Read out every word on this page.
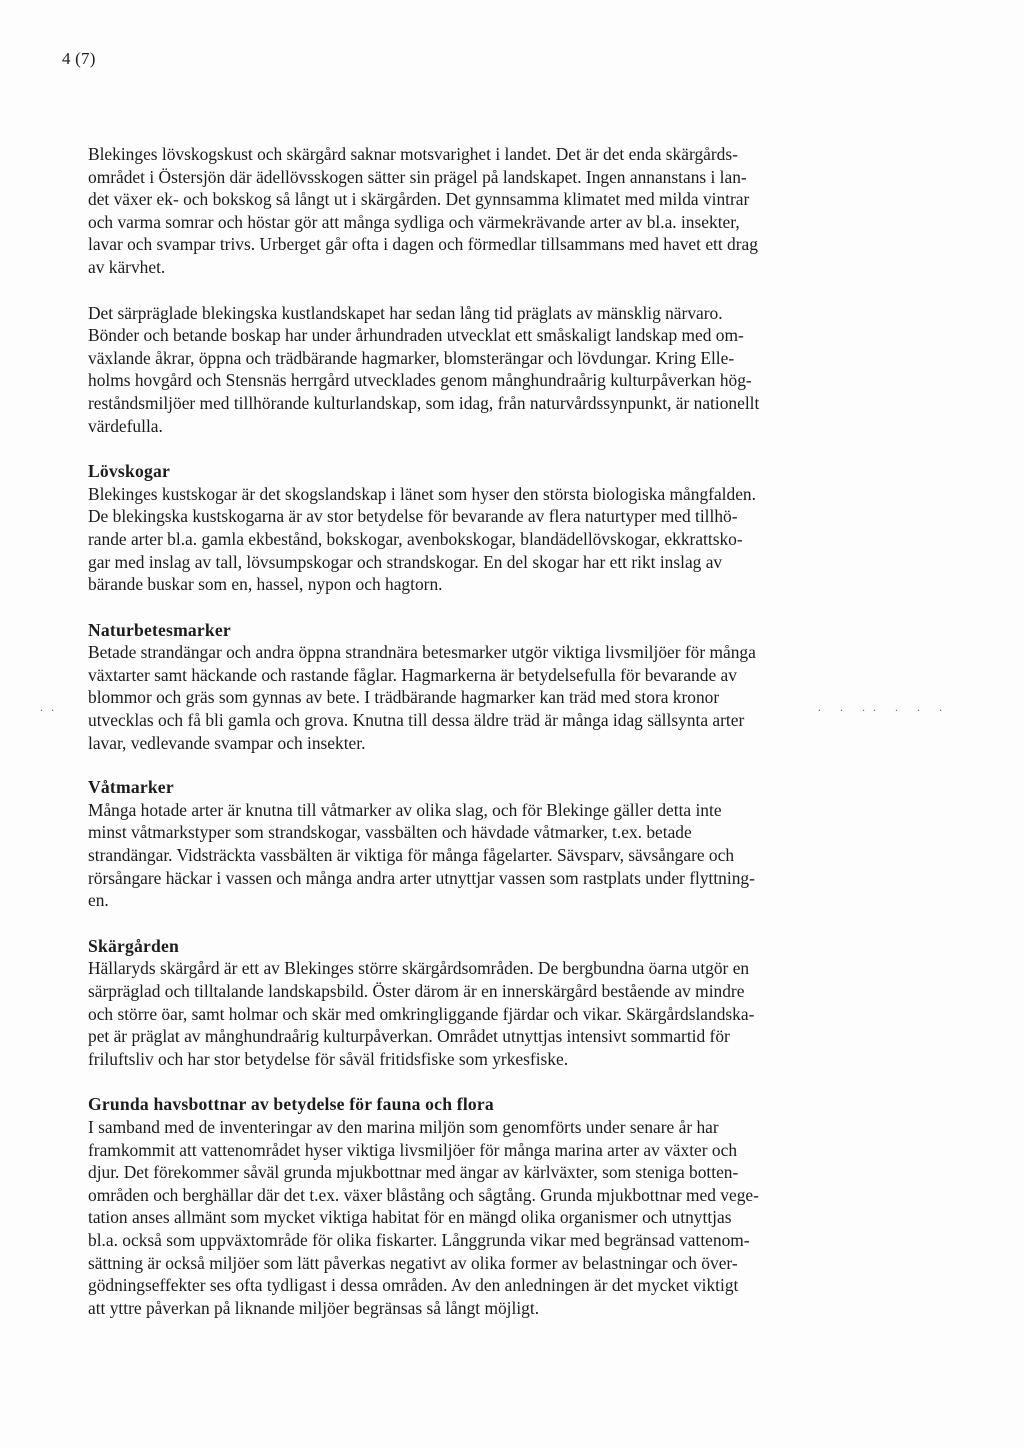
4 (7)
..	. . .. . . .

Blekinges lövskogskust och skärgård saknar motsvarighet i landet. Det är det enda skärgårds-
området i Östersjön där ädellövsskogen sätter sin prägel på landskapet. Ingen annanstans i lan-
det växer ek- och bokskog så långt ut i skärgården. Det gynnsamma klimatet med milda vintrar
och varma somrar och höstar gör att många sydliga och värmekrävande arter av bl.a. insekter,
lavar och svampar trivs. Urberget går ofta i dagen och förmedlar tillsammans med havet ett drag
av kärvhet.

Det särpräglade blekingska kustlandskapet har sedan lång tid präglats av mänsklig närvaro.
Bönder och betande boskap har under århundraden utvecklat ett småskaligt landskap med om-
växlande åkrar, öppna och trädbärande hagmarker, blomsterängar och lövdungar. Kring Elle-
holms hovgård och Stensnäs herrgård utvecklades genom månghundraårig kulturpåverkan hög-
reståndsmiljöer med tillhörande kulturlandskap, som idag, från naturvårdssynpunkt, är nationellt
värdefulla.

Lövskogar

Blekinges kustskogar är det skogslandskap i länet som hyser den största biologiska mångfalden.
De blekingska kustskogarna är av stor betydelse för bevarande av flera naturtyper med tillhö-
rande arter bl.a. gamla ekbestånd, bokskogar, avenbokskogar, blandädellövskogar, ekkrattsko-
gar med inslag av tall, lövsumpskogar och strandskogar. En del skogar har ett rikt inslag av
bärande buskar som en, hassel, nypon och hagtorn.

Naturbetesmarker

Betade strandängar och andra öppna strandnära betesmarker utgör viktiga livsmiljöer för många
växtarter samt häckande och rastande fåglar. Hagmarkerna är betydelsefulla för bevarande av
blommor och gräs som gynnas av bete. I trädbärande hagmarker kan träd med stora kronor
utvecklas och få bli gamla och grova. Knutna till dessa äldre träd är många idag sällsynta arter
lavar, vedlevande svampar och insekter.

Våtmarker

Många hotade arter är knutna till våtmarker av olika slag, och för Blekinge gäller detta inte
minst våtmarkstyper som strandskogar, vassbälten och hävdade våtmarker, t.ex. betade
strandängar. Vidsträckta vassbälten är viktiga för många fågelarter. Sävsparv, sävsångare och
rörsångare häckar i vassen och många andra arter utnyttjar vassen som rastplats under flyttning-
en.

Skärgården

Hällaryds skärgård är ett av Blekinges större skärgårdsområden. De bergbundna öarna utgör en
särpräglad och tilltalande landskapsbild. Öster därom är en innerskärgård bestående av mindre
och större öar, samt holmar och skär med omkringliggande fjärdar och vikar. Skärgårdslandska-
pet är präglat av månghundraårig kulturpåverkan. Området utnyttjas intensivt sommartid för
friluftsliv och har stor betydelse för såväl fritidsfiske som yrkesfiske.

Grunda havsbottnar av betydelse för fauna och flora

I samband med de inventeringar av den marina miljön som genomförts under senare år har
framkommit att vattenområdet hyser viktiga livsmiljöer för många marina arter av växter och
djur. Det förekommer såväl grunda mjukbottnar med ängar av kärlväxter, som steniga botten-
områden och berghällar där det t.ex. växer blåstång och sågtång. Grunda mjukbottnar med vege-
tation anses allmänt som mycket viktiga habitat för en mängd olika organismer och utnyttjas
bl.a. också som uppväxtområde för olika fiskarter. Långgrunda vikar med begränsad vattenom-
sättning är också miljöer som lätt påverkas negativt av olika former av belastningar och över-
gödningseffekter ses ofta tydligast i dessa områden. Av den anledningen är det mycket viktigt
att yttre påverkan på liknande miljöer begränsas så långt möjligt.
